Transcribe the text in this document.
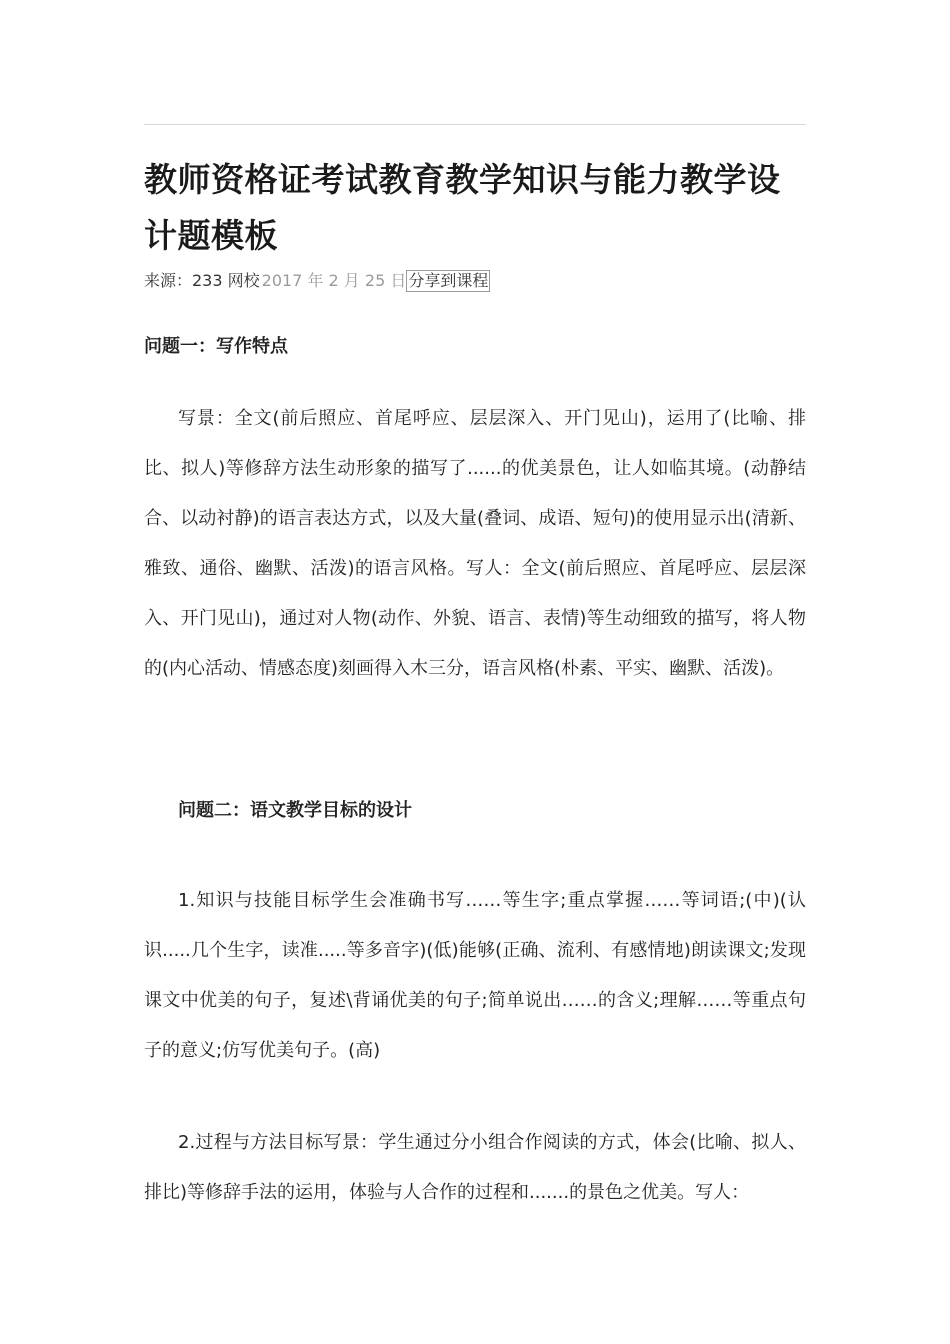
教师资格证考试教育教学知识与能力教学设计题模板
来源：233 网校 2017 年 2 月 25 日 分享到课程
问题一：写作特点

写景：全文(前后照应、首尾呼应、层层深入、开门见山)，运用了(比喻、排比、拟人)等修辞方法生动形象的描写了......的优美景色，让人如临其境。(动静结合、以动衬静)的语言表达方式，以及大量(叠词、成语、短句)的使用显示出(清新、雅致、通俗、幽默、活泼)的语言风格。写人：全文(前后照应、首尾呼应、层层深入、开门见山)，通过对人物(动作、外貌、语言、表情)等生动细致的描写，将人物的(内心活动、情感态度)刻画得入木三分，语言风格(朴素、平实、幽默、活泼)。

问题二：语文教学目标的设计

1.知识与技能目标学生会准确书写……等生字;重点掌握……等词语;(中)(认识.....几个生字，读准.....等多音字)(低)能够(正确、流利、有感情地)朗读课文;发现课文中优美的句子，复述\背诵优美的句子;简单说出……的含义;理解……等重点句子的意义;仿写优美句子。(高)

2.过程与方法目标写景：学生通过分小组合作阅读的方式，体会(比喻、拟人、排比)等修辞手法的运用，体验与人合作的过程和.......的景色之优美。写人：
